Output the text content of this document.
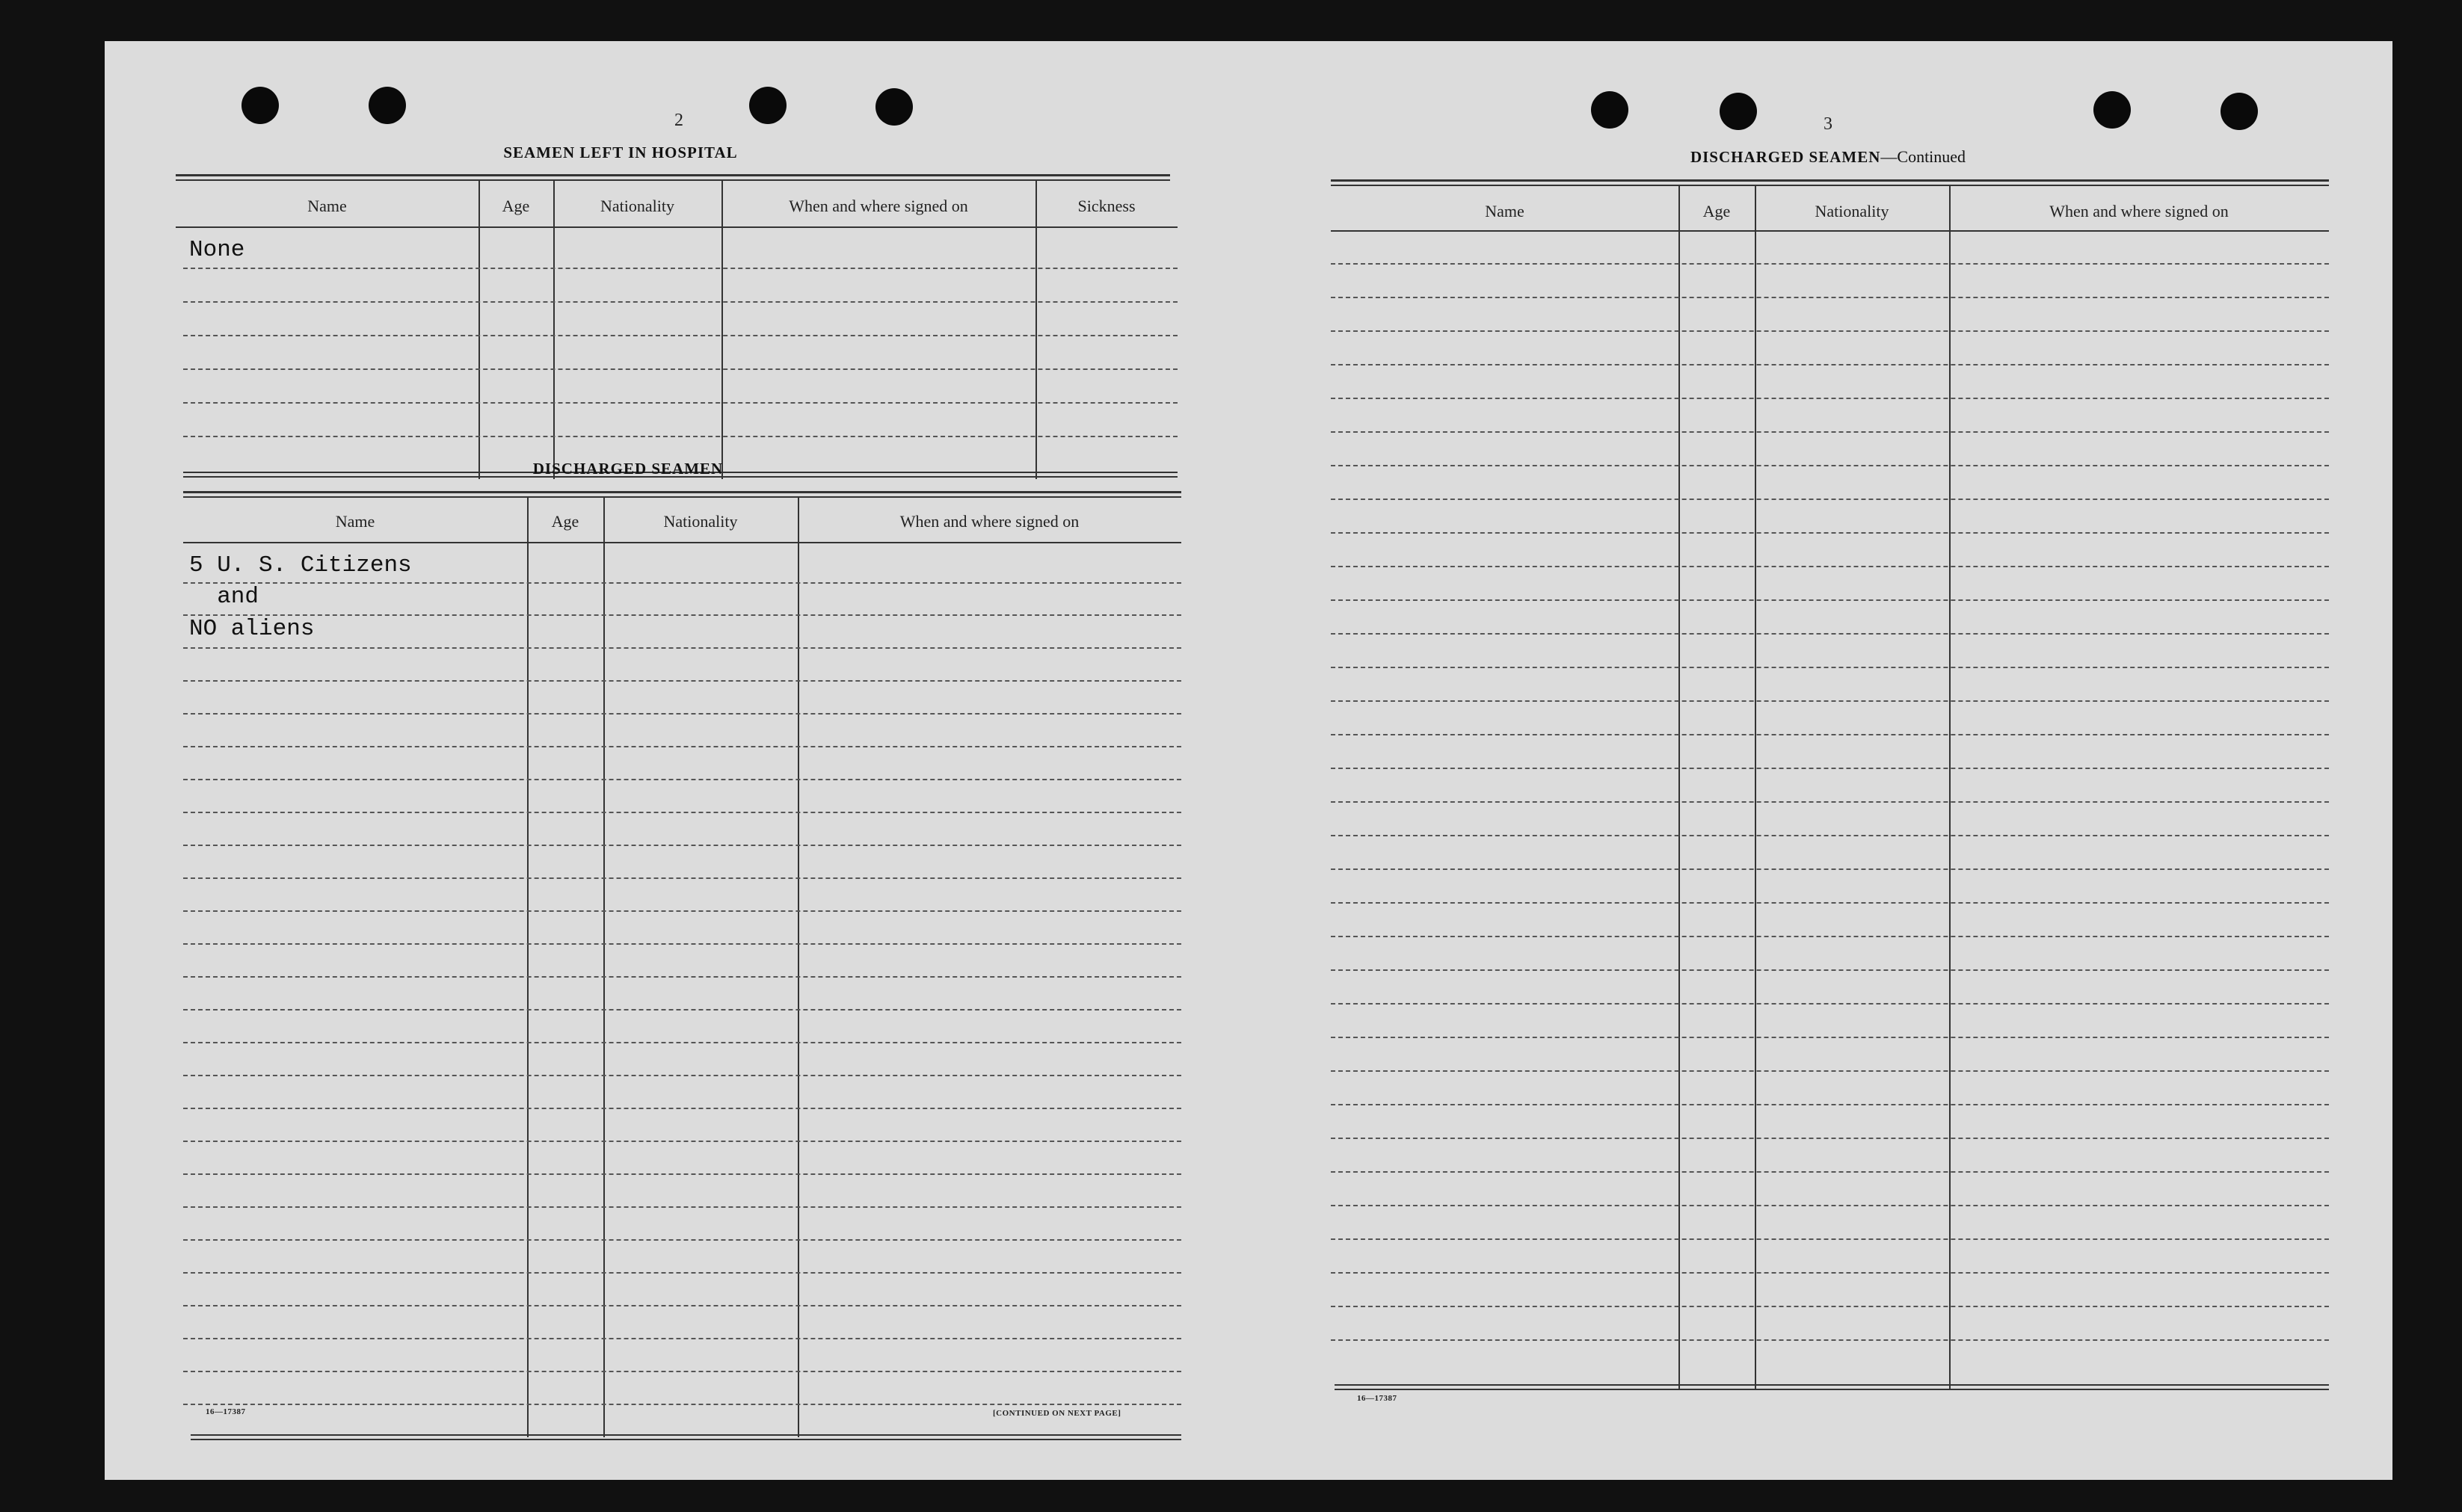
2
SEAMEN LEFT IN HOSPITAL
Name	Age	Nationality	When and where signed on	Sickness
None
DISCHARGED SEAMEN
Name	Age	Nationality	When and where signed on
5 U. S. Citizens
and
NO aliens
16—17387	[CONTINUED ON NEXT PAGE]
3
DISCHARGED SEAMEN—Continued
Name	Age	Nationality	When and where signed on
16—17387
